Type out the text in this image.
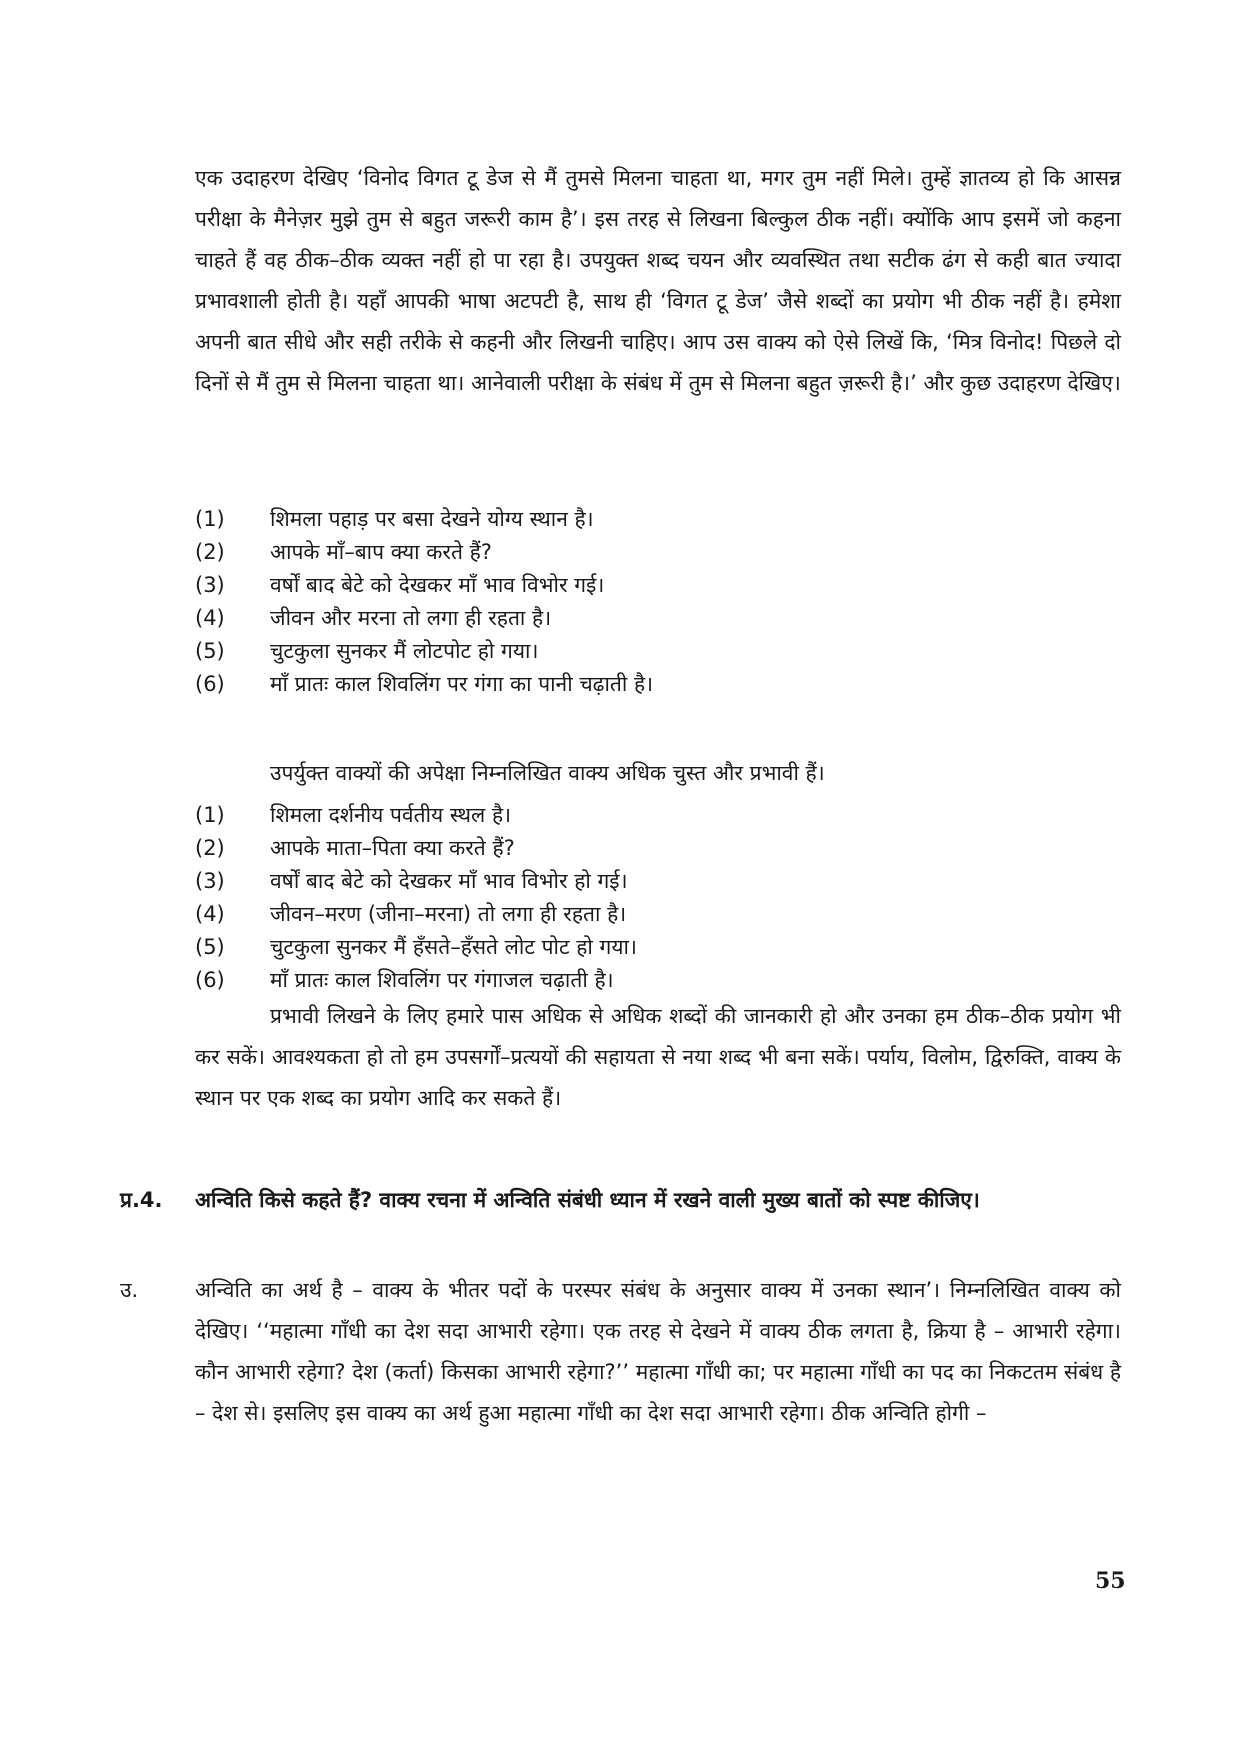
एक उदाहरण देखिए ‘विनोद विगत टू डेज से मैं तुमसे मिलना चाहता था, मगर तुम नहीं मिले। तुम्हें ज्ञातव्य हो कि आसन्न परीक्षा के मैनेज़र मुझे तुम से बहुत जरूरी काम है’। इस तरह से लिखना बिल्कुल ठीक नहीं। क्योंकि आप इसमें जो कहना चाहते हैं वह ठीक–ठीक व्यक्त नहीं हो पा रहा है। उपयुक्त शब्द चयन और व्यवस्थित तथा सटीक ढंग से कही बात ज्यादा प्रभावशाली होती है। यहाँ आपकी भाषा अटपटी है, साथ ही ‘विगत टू डेज’ जैसे शब्दों का प्रयोग भी ठीक नहीं है। हमेशा अपनी बात सीधे और सही तरीके से कहनी और लिखनी चाहिए। आप उस वाक्य को ऐसे लिखें कि, ‘मित्र विनोद! पिछले दो दिनों से मैं तुम से मिलना चाहता था। आनेवाली परीक्षा के संबंध में तुम से मिलना बहुत ज़रूरी है।’ और कुछ उदाहरण देखिए।

(1)	शिमला पहाड़ पर बसा देखने योग्य स्थान है।
(2)	आपके माँ–बाप क्या करते हैं?
(3)	वर्षों बाद बेटे को देखकर माँ भाव विभोर गई।
(4)	जीवन और मरना तो लगा ही रहता है।
(5)	चुटकुला सुनकर मैं लोटपोट हो गया।
(6)	माँ प्रातः काल शिवलिंग पर गंगा का पानी चढ़ाती है।
उपर्युक्त वाक्यों की अपेक्षा निम्नलिखित वाक्य अधिक चुस्त और प्रभावी हैं।
(1)	शिमला दर्शनीय पर्वतीय स्थल है।
(2)	आपके माता–पिता क्या करते हैं?
(3)	वर्षों बाद बेटे को देखकर माँ भाव विभोर हो गई।
(4)	जीवन–मरण (जीना–मरना) तो लगा ही रहता है।
(5)	चुटकुला सुनकर मैं हँसते–हँसते लोट पोट हो गया।
(6)	माँ प्रातः काल शिवलिंग पर गंगाजल चढ़ाती है।

प्रभावी लिखने के लिए हमारे पास अधिक से अधिक शब्दों की जानकारी हो और उनका हम ठीक–ठीक प्रयोग भी कर सकें। आवश्यकता हो तो हम उपसर्गों–प्रत्ययों की सहायता से नया शब्द भी बना सकें। पर्याय, विलोम, द्विरुक्ति, वाक्य के स्थान पर एक शब्द का प्रयोग आदि कर सकते हैं।

प्र.4. अन्विति किसे कहते हैं? वाक्य रचना में अन्विति संबंधी ध्यान में रखने वाली मुख्य बातों को स्पष्ट कीजिए।
उ.	अन्विति का अर्थ है – वाक्य के भीतर पदों के परस्पर संबंध के अनुसार वाक्य में उनका स्थान’। निम्नलिखित वाक्य को देखिए। ‘‘महात्मा गाँधी का देश सदा आभारी रहेगा। एक तरह से देखने में वाक्य ठीक लगता है, क्रिया है – आभारी रहेगा। कौन आभारी रहेगा? देश (कर्ता) किसका आभारी रहेगा?’’ महात्मा गाँधी का; पर महात्मा गाँधी का पद का निकटतम संबंध है – देश से। इसलिए इस वाक्य का अर्थ हुआ महात्मा गाँधी का देश सदा आभारी रहेगा। ठीक अन्विति होगी –

55
